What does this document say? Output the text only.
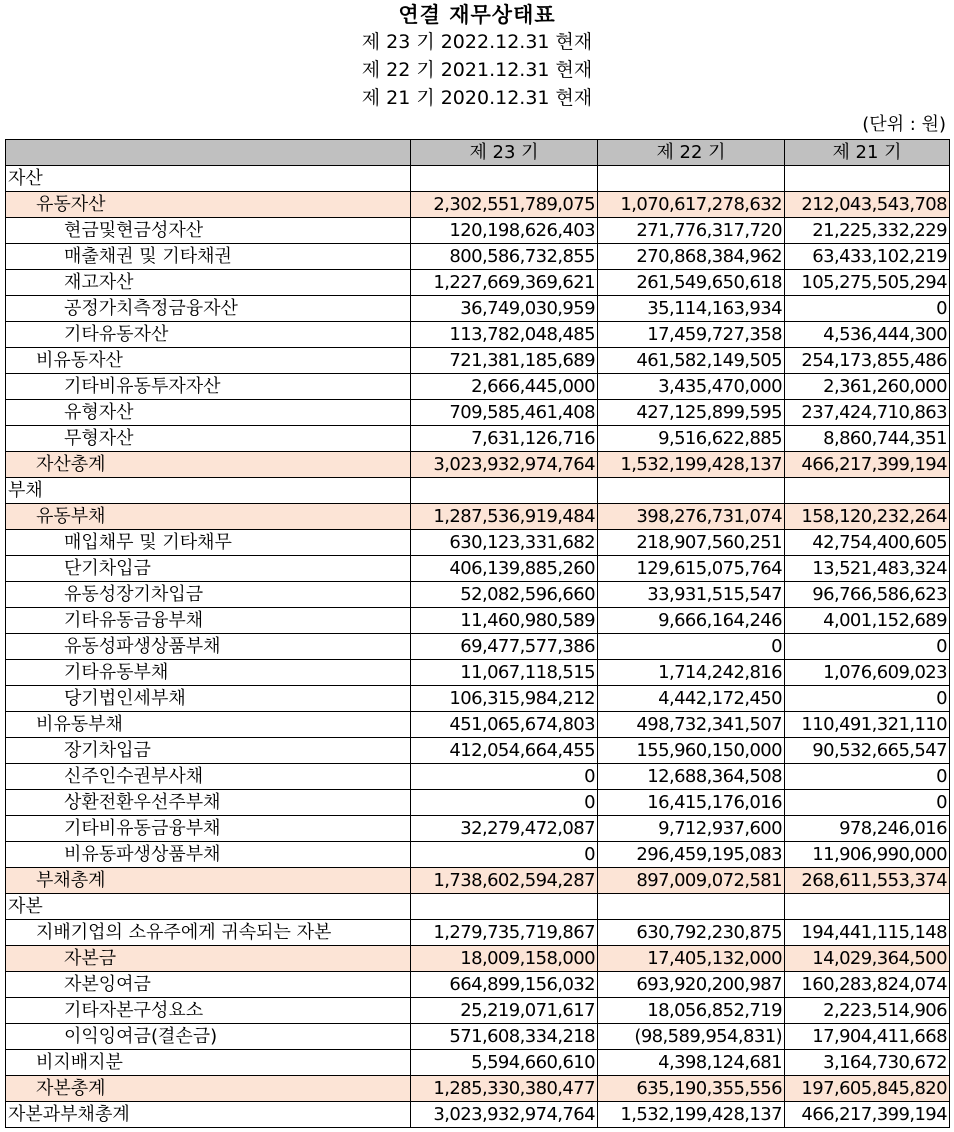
연결 재무상태표
제 23 기 2022.12.31 현재
제 22 기 2021.12.31 현재
제 21 기 2020.12.31 현재
(단위 : 원)
	제 23 기	제 22 기	제 21 기
자산			
유동자산	2,302,551,789,075	1,070,617,278,632	212,043,543,708
현금및현금성자산	120,198,626,403	271,776,317,720	21,225,332,229
매출채권 및 기타채권	800,586,732,855	270,868,384,962	63,433,102,219
재고자산	1,227,669,369,621	261,549,650,618	105,275,505,294
공정가치측정금융자산	36,749,030,959	35,114,163,934	0
기타유동자산	113,782,048,485	17,459,727,358	4,536,444,300
비유동자산	721,381,185,689	461,582,149,505	254,173,855,486
기타비유동투자자산	2,666,445,000	3,435,470,000	2,361,260,000
유형자산	709,585,461,408	427,125,899,595	237,424,710,863
무형자산	7,631,126,716	9,516,622,885	8,860,744,351
자산총계	3,023,932,974,764	1,532,199,428,137	466,217,399,194
부채			
유동부채	1,287,536,919,484	398,276,731,074	158,120,232,264
매입채무 및 기타채무	630,123,331,682	218,907,560,251	42,754,400,605
단기차입금	406,139,885,260	129,615,075,764	13,521,483,324
유동성장기차입금	52,082,596,660	33,931,515,547	96,766,586,623
기타유동금융부채	11,460,980,589	9,666,164,246	4,001,152,689
유동성파생상품부채	69,477,577,386	0	0
기타유동부채	11,067,118,515	1,714,242,816	1,076,609,023
당기법인세부채	106,315,984,212	4,442,172,450	0
비유동부채	451,065,674,803	498,732,341,507	110,491,321,110
장기차입금	412,054,664,455	155,960,150,000	90,532,665,547
신주인수권부사채	0	12,688,364,508	0
상환전환우선주부채	0	16,415,176,016	0
기타비유동금융부채	32,279,472,087	9,712,937,600	978,246,016
비유동파생상품부채	0	296,459,195,083	11,906,990,000
부채총계	1,738,602,594,287	897,009,072,581	268,611,553,374
자본			
지배기업의 소유주에게 귀속되는 자본	1,279,735,719,867	630,792,230,875	194,441,115,148
자본금	18,009,158,000	17,405,132,000	14,029,364,500
자본잉여금	664,899,156,032	693,920,200,987	160,283,824,074
기타자본구성요소	25,219,071,617	18,056,852,719	2,223,514,906
이익잉여금(결손금)	571,608,334,218	(98,589,954,831)	17,904,411,668
비지배지분	5,594,660,610	4,398,124,681	3,164,730,672
자본총계	1,285,330,380,477	635,190,355,556	197,605,845,820
자본과부채총계	3,023,932,974,764	1,532,199,428,137	466,217,399,194
